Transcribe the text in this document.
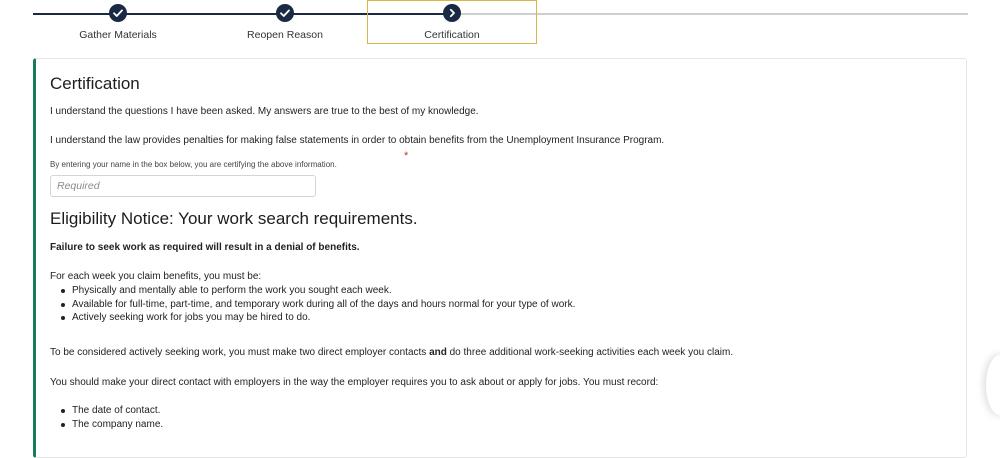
Gather Materials	Reopen Reason	Certification
Certification
I understand the questions I have been asked. My answers are true to the best of my knowledge.
I understand the law provides penalties for making false statements in order to obtain benefits from the Unemployment Insurance Program.
By entering your name in the box below, you are certifying the above information.
*
Required
Eligibility Notice: Your work search requirements.
Failure to seek work as required will result in a denial of benefits.
For each week you claim benefits, you must be:
Physically and mentally able to perform the work you sought each week.
Available for full-time, part-time, and temporary work during all of the days and hours normal for your type of work.
Actively seeking work for jobs you may be hired to do.
To be considered actively seeking work, you must make two direct employer contacts and do three additional work-seeking activities each week you claim.
You should make your direct contact with employers in the way the employer requires you to ask about or apply for jobs. You must record:
The date of contact.
The company name.
